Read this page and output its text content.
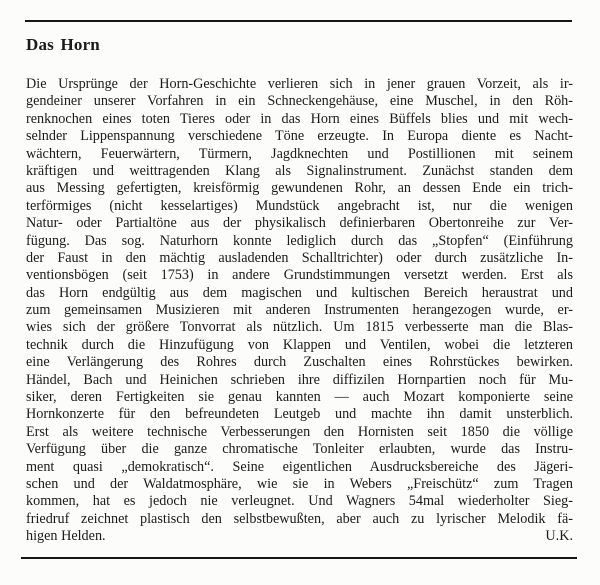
Das Horn
Die Ursprünge der Horn-Geschichte verlieren sich in jener grauen Vorzeit, als ir-
gendeiner unserer Vorfahren in ein Schneckengehäuse, eine Muschel, in den Röh-
renknochen eines toten Tieres oder in das Horn eines Büffels blies und mit wech-
selnder Lippenspannung verschiedene Töne erzeugte. In Europa diente es Nacht-
wächtern, Feuerwärtern, Türmern, Jagdknechten und Postillionen mit seinem
kräftigen und weittragenden Klang als Signalinstrument. Zunächst standen dem
aus Messing gefertigten, kreisförmig gewundenen Rohr, an dessen Ende ein trich-
terförmiges (nicht kesselartiges) Mundstück angebracht ist, nur die wenigen
Natur- oder Partialtöne aus der physikalisch definierbaren Obertonreihe zur Ver-
fügung. Das sog. Naturhorn konnte lediglich durch das „Stopfen“ (Einführung
der Faust in den mächtig ausladenden Schalltrichter) oder durch zusätzliche In-
ventionsbögen (seit 1753) in andere Grundstimmungen versetzt werden. Erst als
das Horn endgültig aus dem magischen und kultischen Bereich heraustrat und
zum gemeinsamen Musizieren mit anderen Instrumenten herangezogen wurde, er-
wies sich der größere Tonvorrat als nützlich. Um 1815 verbesserte man die Blas-
technik durch die Hinzufügung von Klappen und Ventilen, wobei die letzteren
eine Verlängerung des Rohres durch Zuschalten eines Rohrstückes bewirken.
Händel, Bach und Heinichen schrieben ihre diffizilen Hornpartien noch für Mu-
siker, deren Fertigkeiten sie genau kannten — auch Mozart komponierte seine
Hornkonzerte für den befreundeten Leutgeb und machte ihn damit unsterblich.
Erst als weitere technische Verbesserungen den Hornisten seit 1850 die völlige
Verfügung über die ganze chromatische Tonleiter erlaubten, wurde das Instru-
ment quasi „demokratisch“. Seine eigentlichen Ausdrucksbereiche des Jägeri-
schen und der Waldatmosphäre, wie sie in Webers „Freischütz“ zum Tragen
kommen, hat es jedoch nie verleugnet. Und Wagners 54mal wiederholter Sieg-
friedruf zeichnet plastisch den selbstbewußten, aber auch zu lyrischer Melodik fä-
higen Helden.	U.K.
